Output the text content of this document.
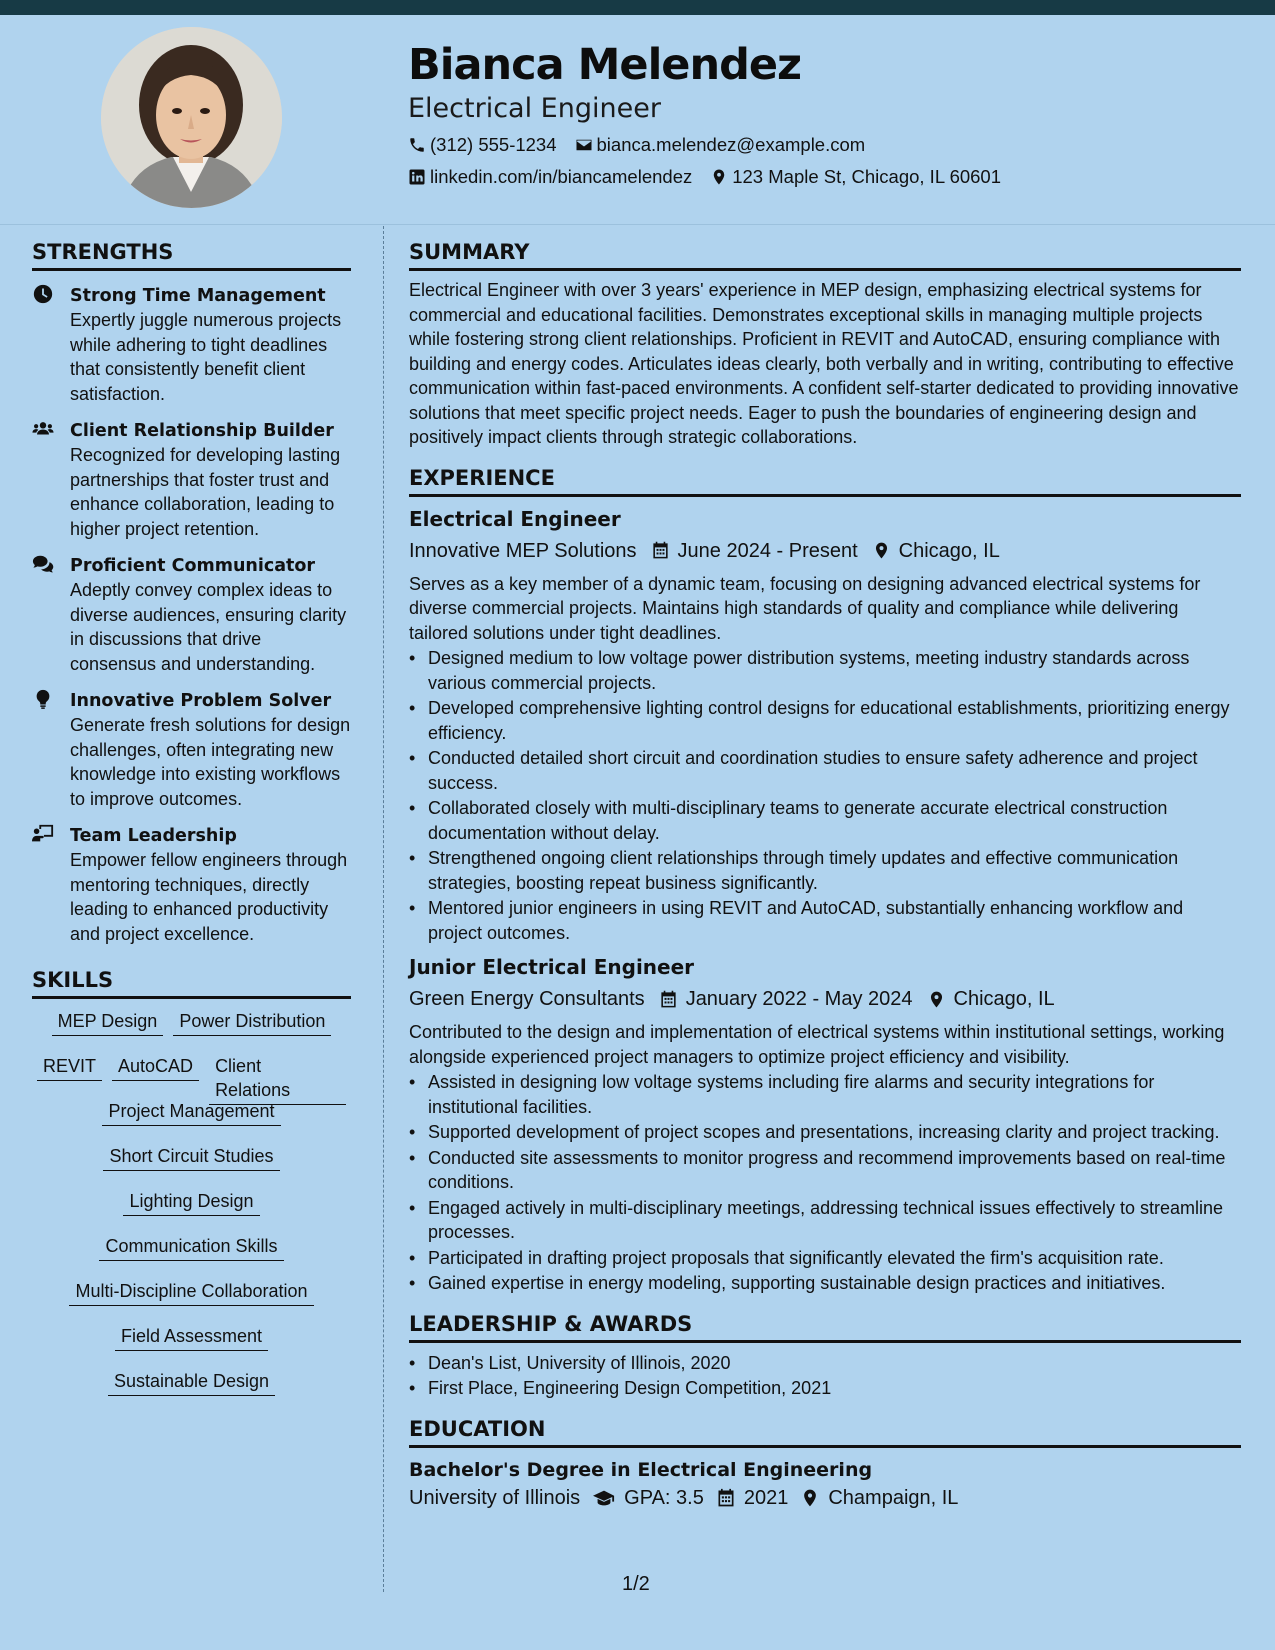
Bianca Melendez
Electrical Engineer
(312) 555-1234 bianca.melendez@example.com
linkedin.com/in/biancamelendez 123 Maple St, Chicago, IL 60601
STRENGTHS
Strong Time Management
Expertly juggle numerous projects while adhering to tight deadlines that consistently benefit client satisfaction.
Client Relationship Builder
Recognized for developing lasting partnerships that foster trust and enhance collaboration, leading to higher project retention.
Proficient Communicator
Adeptly convey complex ideas to diverse audiences, ensuring clarity in discussions that drive consensus and understanding.
Innovative Problem Solver
Generate fresh solutions for design challenges, often integrating new knowledge into existing workflows to improve outcomes.
Team Leadership
Empower fellow engineers through mentoring techniques, directly leading to enhanced productivity and project excellence.
SKILLS
MEP Design	Power Distribution
REVIT	AutoCAD	Client Relations
Project Management
Short Circuit Studies
Lighting Design
Communication Skills
Multi-Discipline Collaboration
Field Assessment
Sustainable Design
SUMMARY
Electrical Engineer with over 3 years' experience in MEP design, emphasizing electrical systems for commercial and educational facilities. Demonstrates exceptional skills in managing multiple projects while fostering strong client relationships. Proficient in REVIT and AutoCAD, ensuring compliance with building and energy codes. Articulates ideas clearly, both verbally and in writing, contributing to effective communication within fast-paced environments. A confident self-starter dedicated to providing innovative solutions that meet specific project needs. Eager to push the boundaries of engineering design and positively impact clients through strategic collaborations.
EXPERIENCE
Electrical Engineer
Innovative MEP Solutions June 2024 - Present Chicago, IL
Serves as a key member of a dynamic team, focusing on designing advanced electrical systems for diverse commercial projects. Maintains high standards of quality and compliance while delivering tailored solutions under tight deadlines.
• Designed medium to low voltage power distribution systems, meeting industry standards across various commercial projects.
• Developed comprehensive lighting control designs for educational establishments, prioritizing energy efficiency.
• Conducted detailed short circuit and coordination studies to ensure safety adherence and project success.
• Collaborated closely with multi-disciplinary teams to generate accurate electrical construction documentation without delay.
• Strengthened ongoing client relationships through timely updates and effective communication strategies, boosting repeat business significantly.
• Mentored junior engineers in using REVIT and AutoCAD, substantially enhancing workflow and project outcomes.
Junior Electrical Engineer
Green Energy Consultants January 2022 - May 2024 Chicago, IL
Contributed to the design and implementation of electrical systems within institutional settings, working alongside experienced project managers to optimize project efficiency and visibility.
• Assisted in designing low voltage systems including fire alarms and security integrations for institutional facilities.
• Supported development of project scopes and presentations, increasing clarity and project tracking.
• Conducted site assessments to monitor progress and recommend improvements based on real-time conditions.
• Engaged actively in multi-disciplinary meetings, addressing technical issues effectively to streamline processes.
• Participated in drafting project proposals that significantly elevated the firm's acquisition rate.
• Gained expertise in energy modeling, supporting sustainable design practices and initiatives.
LEADERSHIP & AWARDS
• Dean's List, University of Illinois, 2020
• First Place, Engineering Design Competition, 2021
EDUCATION
Bachelor's Degree in Electrical Engineering
University of Illinois GPA: 3.5 2021 Champaign, IL
1/2
